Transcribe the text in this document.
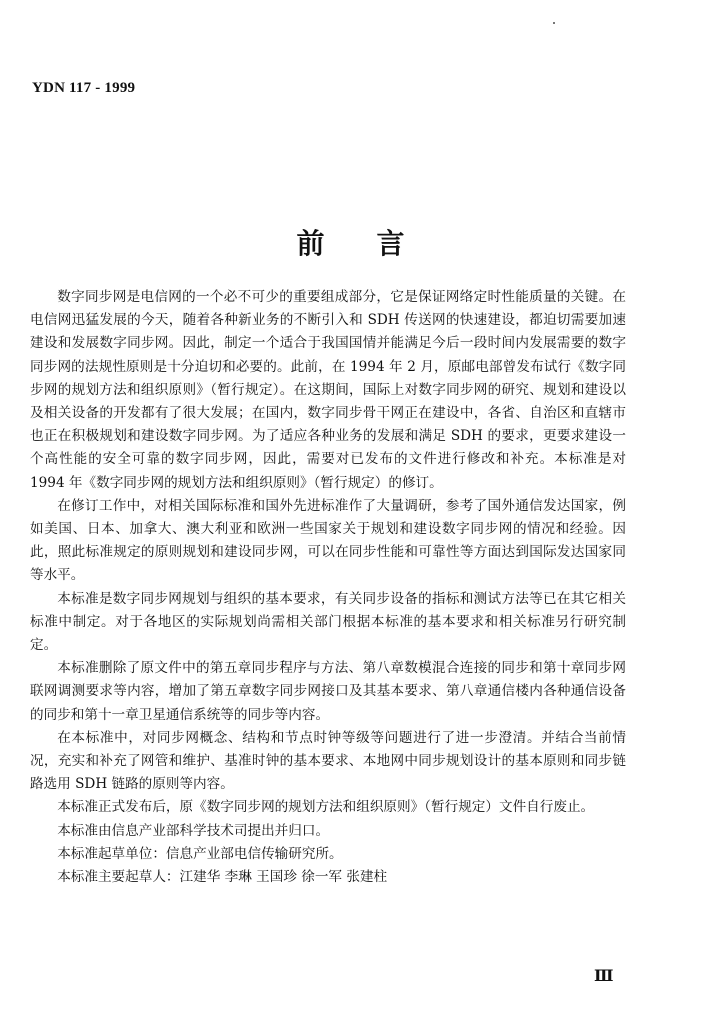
YDN 117 - 1999
前言

数字同步网是电信网的一个必不可少的重要组成部分，它是保证网络定时性能质量的关键。在电信网迅猛发展的今天，随着各种新业务的不断引入和 SDH 传送网的快速建设，都迫切需要加速建设和发展数字同步网。因此，制定一个适合于我国国情并能满足今后一段时间内发展需要的数字同步网的法规性原则是十分迫切和必要的。此前，在 1994 年 2 月，原邮电部曾发布试行《数字同步网的规划方法和组织原则》（暂行规定）。在这期间，国际上对数字同步网的研究、规划和建设以及相关设备的开发都有了很大发展；在国内，数字同步骨干网正在建设中，各省、自治区和直辖市也正在积极规划和建设数字同步网。为了适应各种业务的发展和满足 SDH 的要求，更要求建设一个高性能的安全可靠的数字同步网，因此，需要对已发布的文件进行修改和补充。本标准是对 1994 年《数字同步网的规划方法和组织原则》（暂行规定）的修订。

在修订工作中，对相关国际标准和国外先进标准作了大量调研，参考了国外通信发达国家，例如美国、日本、加拿大、澳大利亚和欧洲一些国家关于规划和建设数字同步网的情况和经验。因此，照此标准规定的原则规划和建设同步网，可以在同步性能和可靠性等方面达到国际发达国家同等水平。

本标准是数字同步网规划与组织的基本要求，有关同步设备的指标和测试方法等已在其它相关标准中制定。对于各地区的实际规划尚需相关部门根据本标准的基本要求和相关标准另行研究制定。

本标准删除了原文件中的第五章同步程序与方法、第八章数模混合连接的同步和第十章同步网联网调测要求等内容，增加了第五章数字同步网接口及其基本要求、第八章通信楼内各种通信设备的同步和第十一章卫星通信系统等的同步等内容。

在本标准中，对同步网概念、结构和节点时钟等级等问题进行了进一步澄清。并结合当前情况，充实和补充了网管和维护、基准时钟的基本要求、本地网中同步规划设计的基本原则和同步链路选用 SDH 链路的原则等内容。

本标准正式发布后，原《数字同步网的规划方法和组织原则》（暂行规定）文件自行废止。

本标准由信息产业部科学技术司提出并归口。

本标准起草单位：信息产业部电信传输研究所。

本标准主要起草人：江建华 李琳 王国珍 徐一军 张建柱

Ⅲ
